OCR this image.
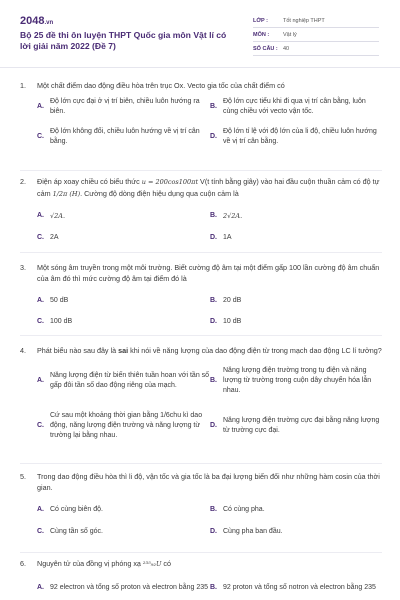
2048.vn
Bộ 25 đề thi ôn luyện THPT Quốc gia môn Vật lí có lời giải năm 2022 (Đề 7)
LỚP :	Tốt nghiệp THPT
MÔN :	Vật lý
SỐ CÂU : 40
1.	Một chất điểm dao động điều hòa trên trục Ox. Vecto gia tốc của chất điểm có
A.
Độ lớn cực đại ở vị trí biên, chiều luôn hướng ra biên.
B.
Độ lớn cực tiểu khi đi qua vị trí cân bằng, luôn cùng chiều với vecto vận tốc.
C.
Độ lớn không đổi, chiều luôn hướng về vị trí cân bằng.
D.
Độ lớn tỉ lệ với độ lớn của li độ, chiều luôn hướng về vị trí cân bằng.
2.	Điện áp xoay chiều có biểu thức u = 200cos100πt V(t tính bằng giây) vào hai đầu cuộn thuần cảm có độ tự cảm 1/2π (H). Cường độ dòng điện hiệu dụng qua cuộn cảm là
A. √2A.	B. 2√2A.
C. 2A	D. 1A
3.	Một sóng âm truyền trong một môi trường. Biết cường độ âm tại một điểm gấp 100 lần cường độ âm chuẩn của âm đó thì mức cường độ âm tại điểm đó là
A. 50 dB	B. 20 dB
C. 100 dB	D. 10 dB
4.	Phát biểu nào sau đây là sai khi nói về năng lượng của dao động điện từ trong mạch dao động LC lí tưởng?
A.
Năng lượng điện từ biến thiên tuần hoan với tần số gấp đôi tần số dao động riêng của mạch.
B.
Năng lượng điện trường trong tụ điện và năng lượng từ trường trong cuộn dây chuyển hóa lẫn nhau.
C.
Cứ sau một khoảng thời gian bằng 1/6chu kì dao động, năng lượng điện trường và năng lượng từ trường lại bằng nhau.
D.
Năng lượng điện trường cực đại bằng năng lượng từ trường cực đại.
5.	Trong dao động điều hòa thì li độ, vận tốc và gia tốc là ba đại lượng biến đổi như những hàm cosin của thời gian.
A. Có cùng biên độ.	B. Có cùng pha.
C. Cùng tần số góc.	D. Cùng pha ban đầu.
6.	Nguyên tử của đồng vị phóng xạ ²³⁵₉₂U có
A. 92 electron và tổng số proton và electron bằng 235 B. 92 proton và tổng số notron và electron bằng 235
